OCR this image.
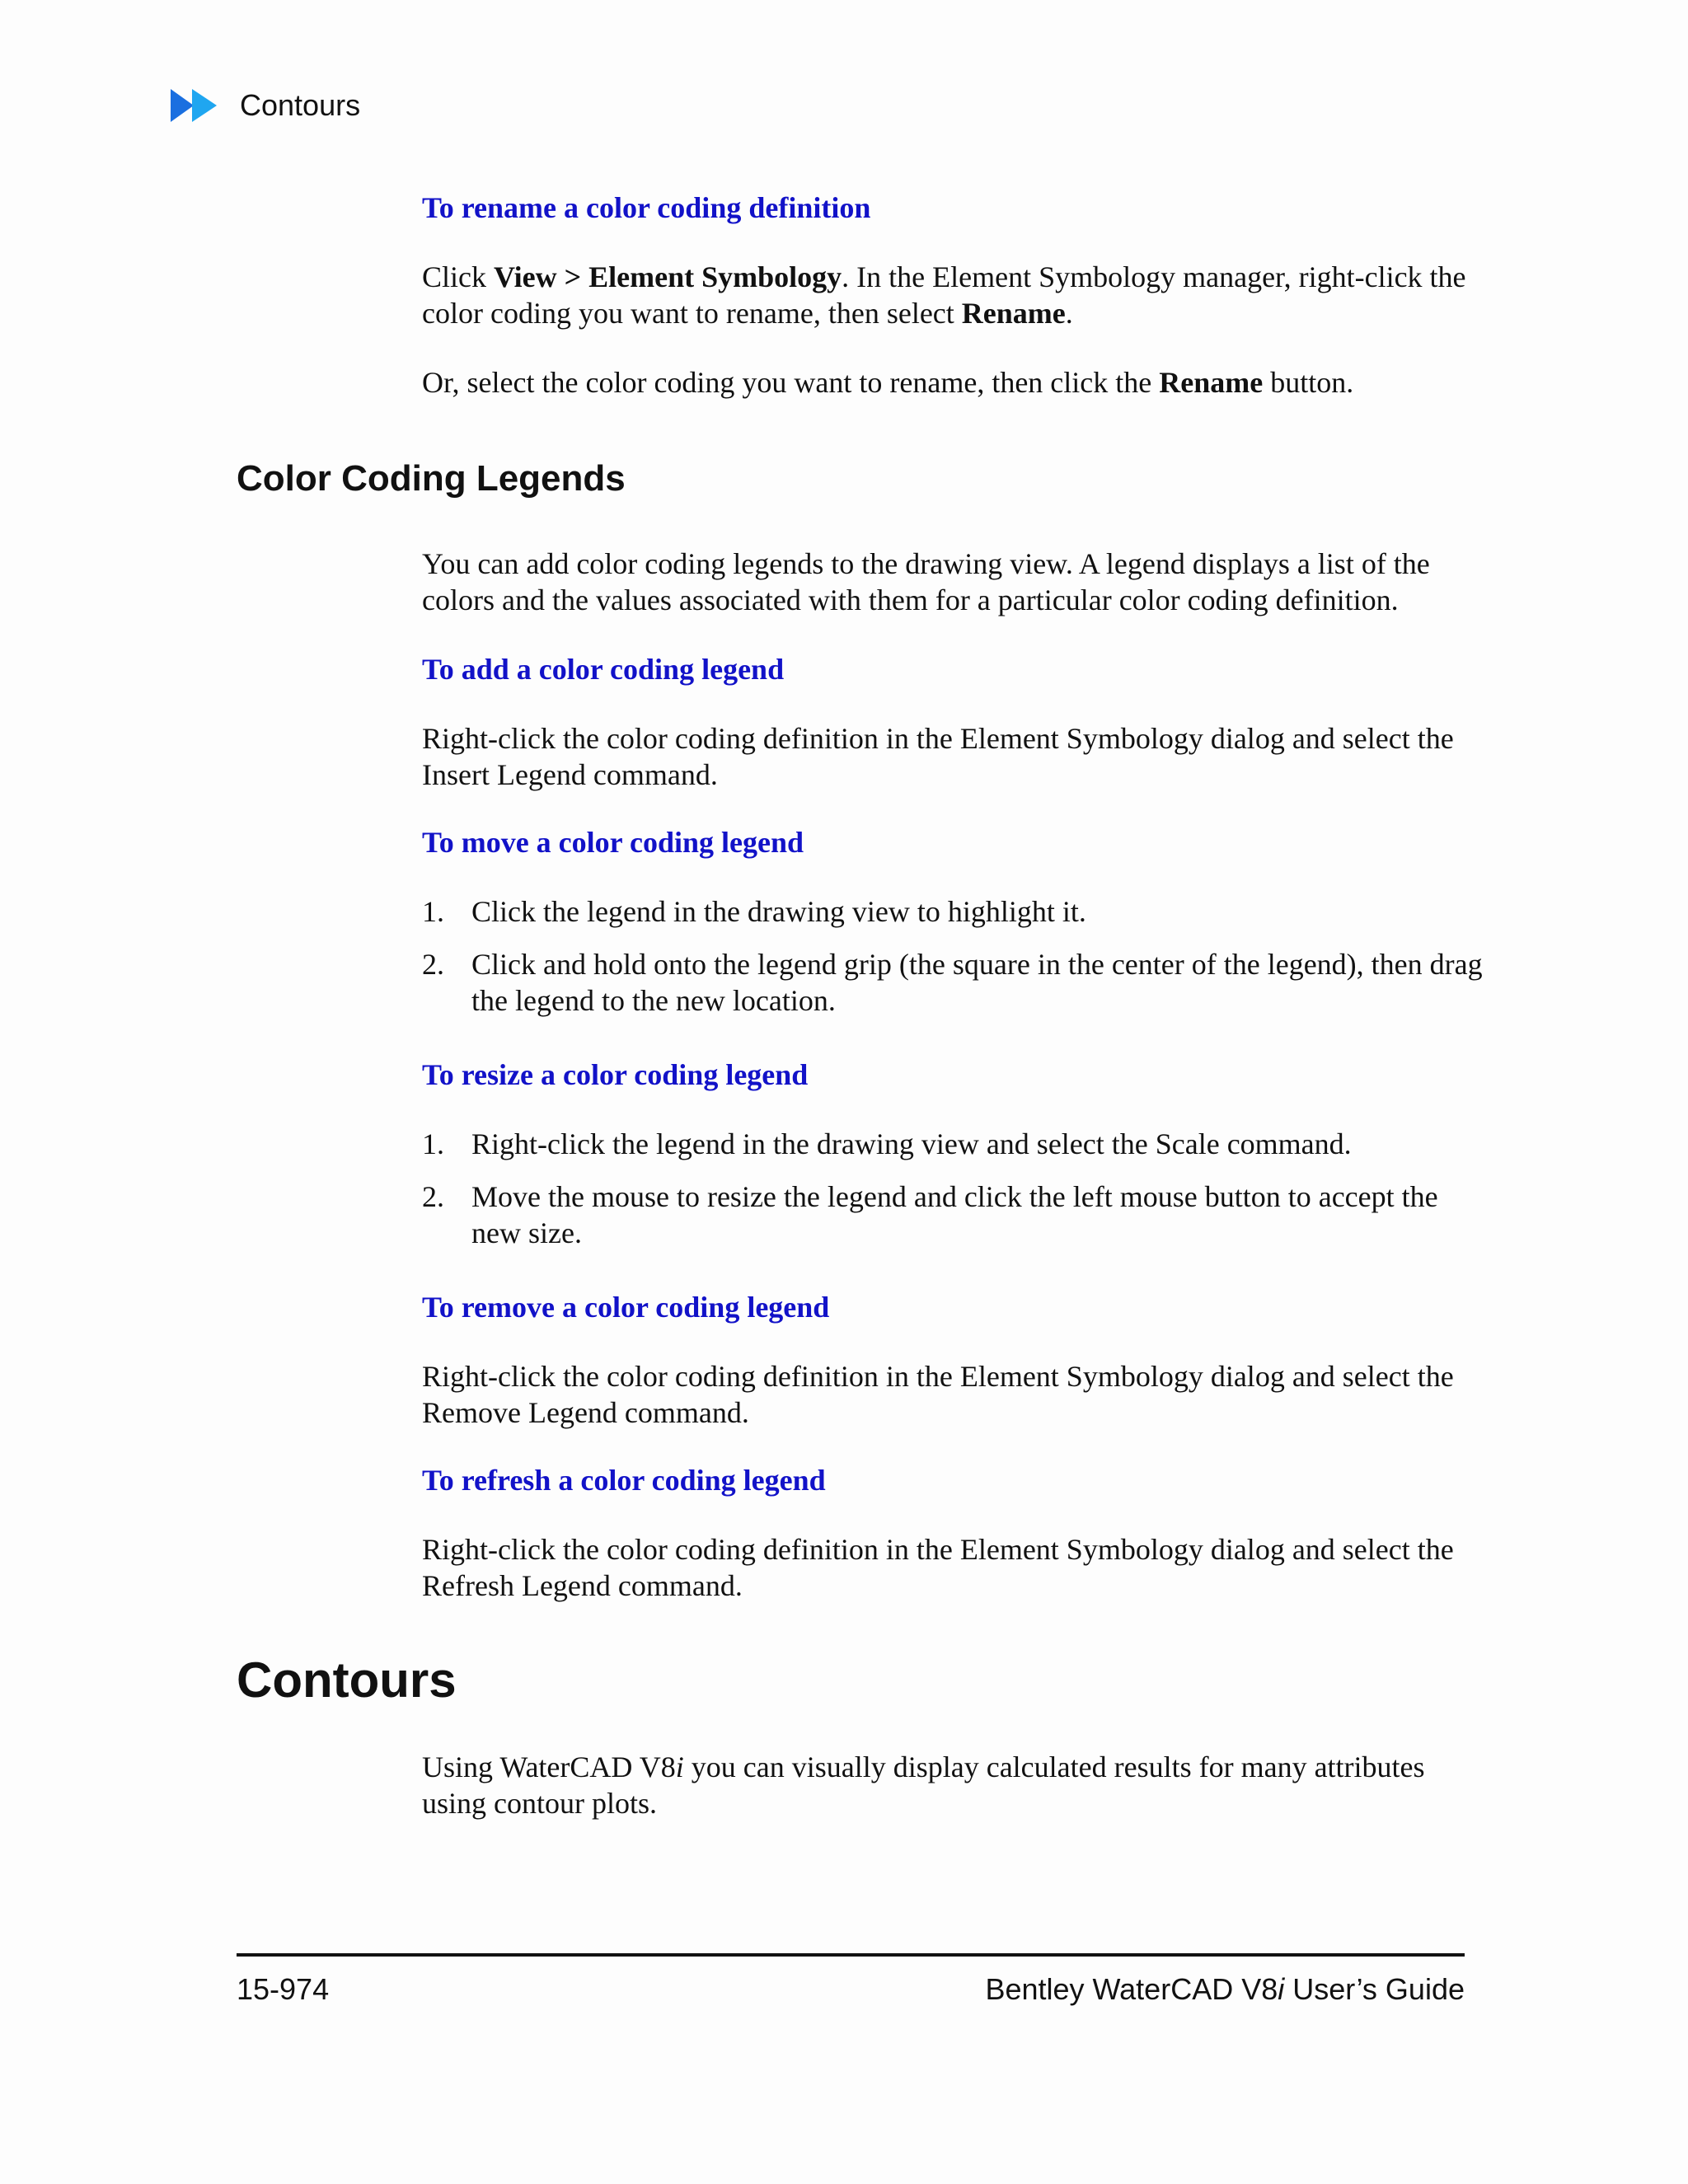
Contours
To rename a color coding definition

Click View > Element Symbology. In the Element Symbology manager, right-click the color coding you want to rename, then select Rename.

Or, select the color coding you want to rename, then click the Rename button.

Color Coding Legends

You can add color coding legends to the drawing view. A legend displays a list of the colors and the values associated with them for a particular color coding definition.

To add a color coding legend

Right-click the color coding definition in the Element Symbology dialog and select the Insert Legend command.

To move a color coding legend
1. Click the legend in the drawing view to highlight it.
2. Click and hold onto the legend grip (the square in the center of the legend), then drag the legend to the new location.
To resize a color coding legend
1. Right-click the legend in the drawing view and select the Scale command.
2. Move the mouse to resize the legend and click the left mouse button to accept the new size.
To remove a color coding legend

Right-click the color coding definition in the Element Symbology dialog and select the Remove Legend command.

To refresh a color coding legend

Right-click the color coding definition in the Element Symbology dialog and select the Refresh Legend command.

Contours

Using WaterCAD V8i you can visually display calculated results for many attributes using contour plots.

15-974	Bentley WaterCAD V8i User’s Guide
